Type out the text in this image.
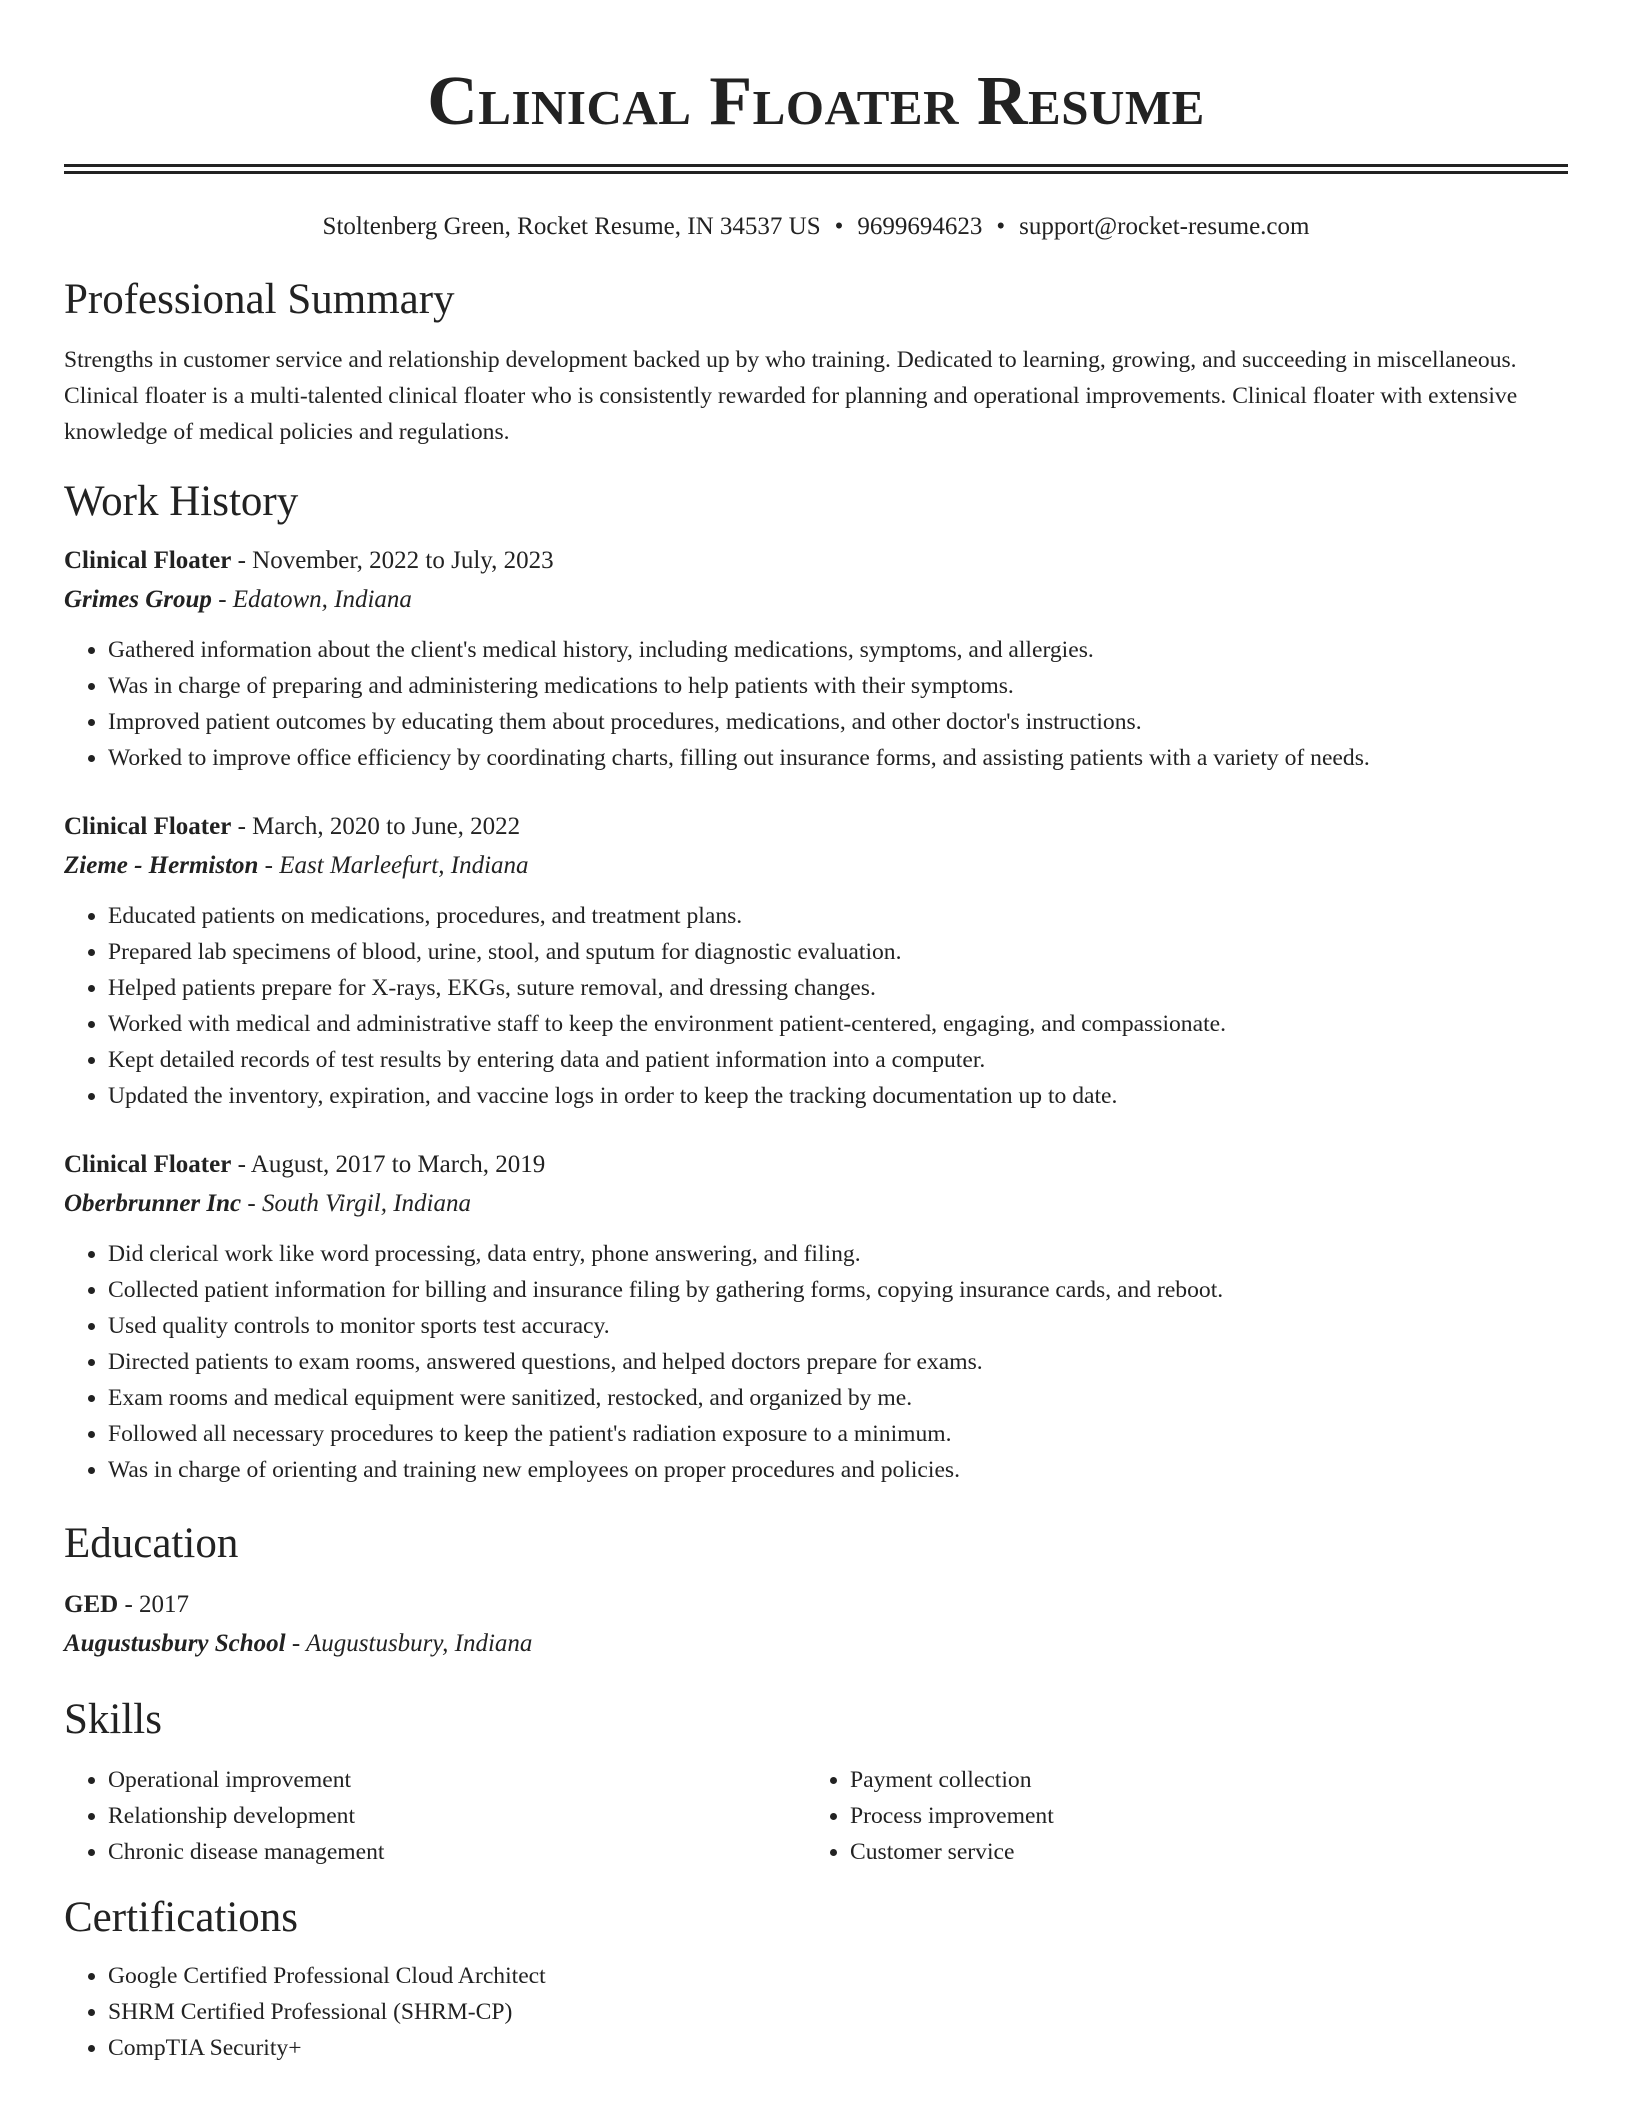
Clinical Floater Resume
Stoltenberg Green, Rocket Resume, IN 34537 US • 9699694623 • support@rocket-resume.com
Professional Summary

Strengths in customer service and relationship development backed up by who training. Dedicated to learning, growing, and succeeding in miscellaneous. Clinical floater is a multi-talented clinical floater who is consistently rewarded for planning and operational improvements. Clinical floater with extensive knowledge of medical policies and regulations.

Work History
Clinical Floater - November, 2022 to July, 2023
Grimes Group - Edatown, Indiana
• Gathered information about the client's medical history, including medications, symptoms, and allergies.
• Was in charge of preparing and administering medications to help patients with their symptoms.
• Improved patient outcomes by educating them about procedures, medications, and other doctor's instructions.
• Worked to improve office efficiency by coordinating charts, filling out insurance forms, and assisting patients with a variety of needs.
Clinical Floater - March, 2020 to June, 2022
Zieme - Hermiston - East Marleefurt, Indiana
• Educated patients on medications, procedures, and treatment plans.
• Prepared lab specimens of blood, urine, stool, and sputum for diagnostic evaluation.
• Helped patients prepare for X-rays, EKGs, suture removal, and dressing changes.
• Worked with medical and administrative staff to keep the environment patient-centered, engaging, and compassionate.
• Kept detailed records of test results by entering data and patient information into a computer.
• Updated the inventory, expiration, and vaccine logs in order to keep the tracking documentation up to date.
Clinical Floater - August, 2017 to March, 2019
Oberbrunner Inc - South Virgil, Indiana
• Did clerical work like word processing, data entry, phone answering, and filing.
• Collected patient information for billing and insurance filing by gathering forms, copying insurance cards, and reboot.
• Used quality controls to monitor sports test accuracy.
• Directed patients to exam rooms, answered questions, and helped doctors prepare for exams.
• Exam rooms and medical equipment were sanitized, restocked, and organized by me.
• Followed all necessary procedures to keep the patient's radiation exposure to a minimum.
• Was in charge of orienting and training new employees on proper procedures and policies.
Education
GED - 2017
Augustusbury School - Augustusbury, Indiana
Skills
• Operational improvement
• Relationship development
• Chronic disease management
• Payment collection
• Process improvement
• Customer service
Certifications
• Google Certified Professional Cloud Architect
• SHRM Certified Professional (SHRM-CP)
• CompTIA Security+
